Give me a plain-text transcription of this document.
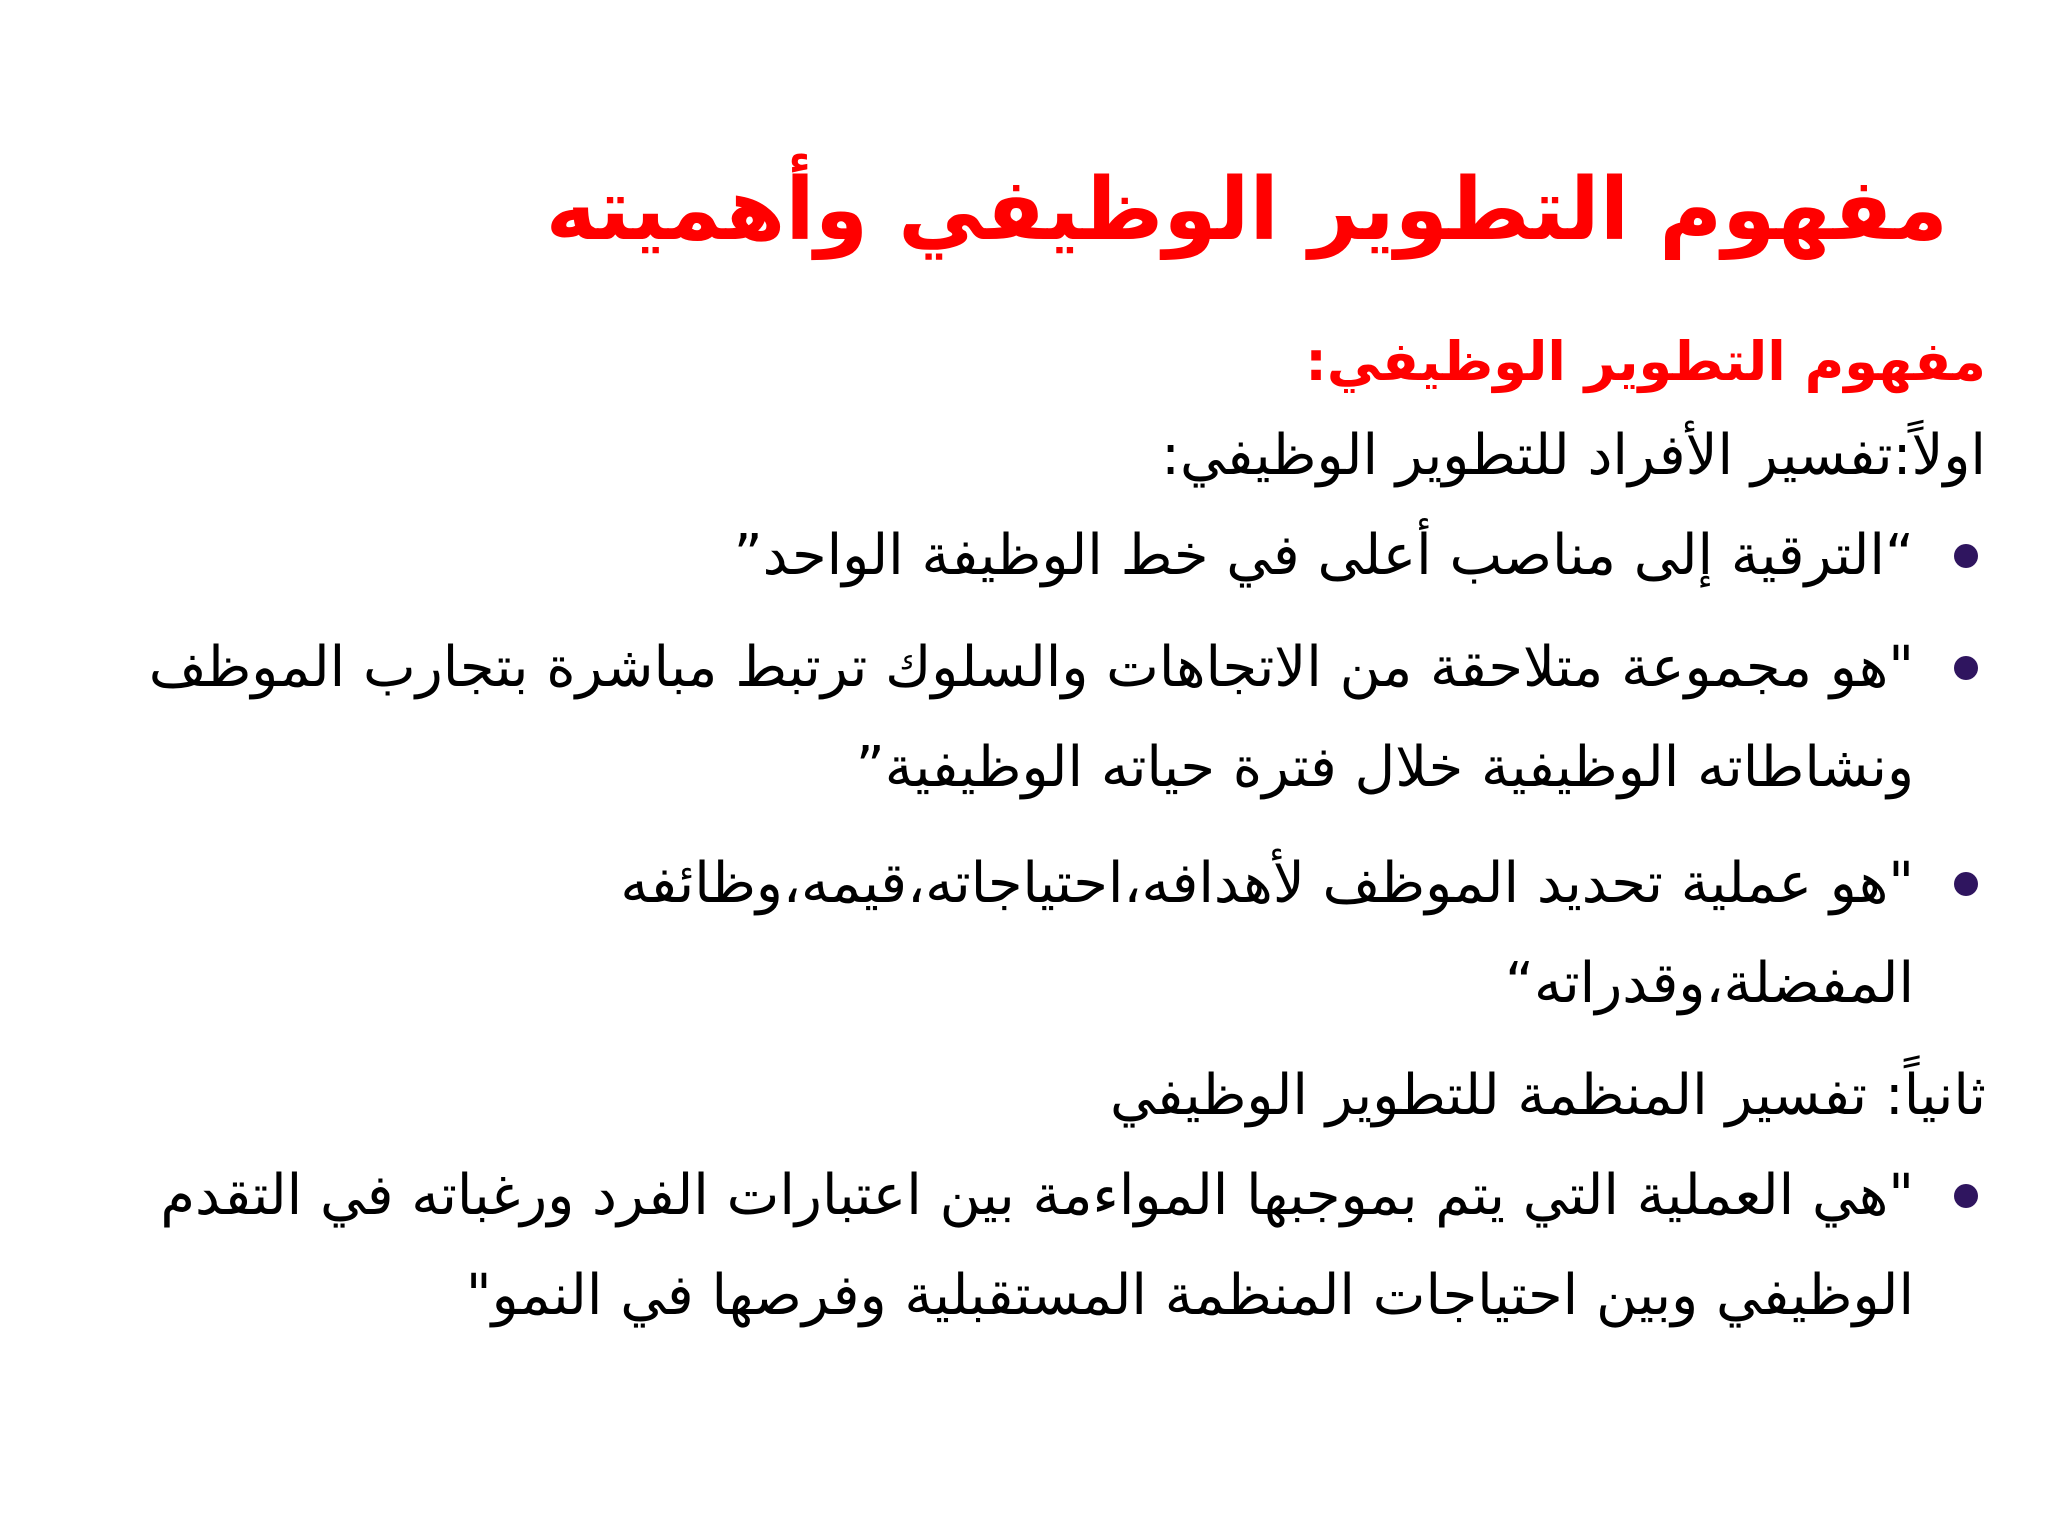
مفهوم التطوير الوظيفي وأهميته
مفهوم التطوير الوظيفي:

اولاً:تفسير الأفراد للتطوير الوظيفي:

“الترقية إلى مناصب أعلى في خط الوظيفة الواحد”
"هو مجموعة متلاحقة من الاتجاهات والسلوك ترتبط مباشرة بتجارب الموظف ونشاطاته الوظيفية خلال فترة حياته الوظيفية”
"هو عملية تحديد الموظف لأهدافه،احتياجاته،قيمه،وظائفه المفضلة،وقدراته“

ثانياً: تفسير المنظمة للتطوير الوظيفي

"هي العملية التي يتم بموجبها المواءمة بين اعتبارات الفرد ورغباته في التقدم الوظيفي وبين احتياجات المنظمة المستقبلية وفرصها في النمو"
